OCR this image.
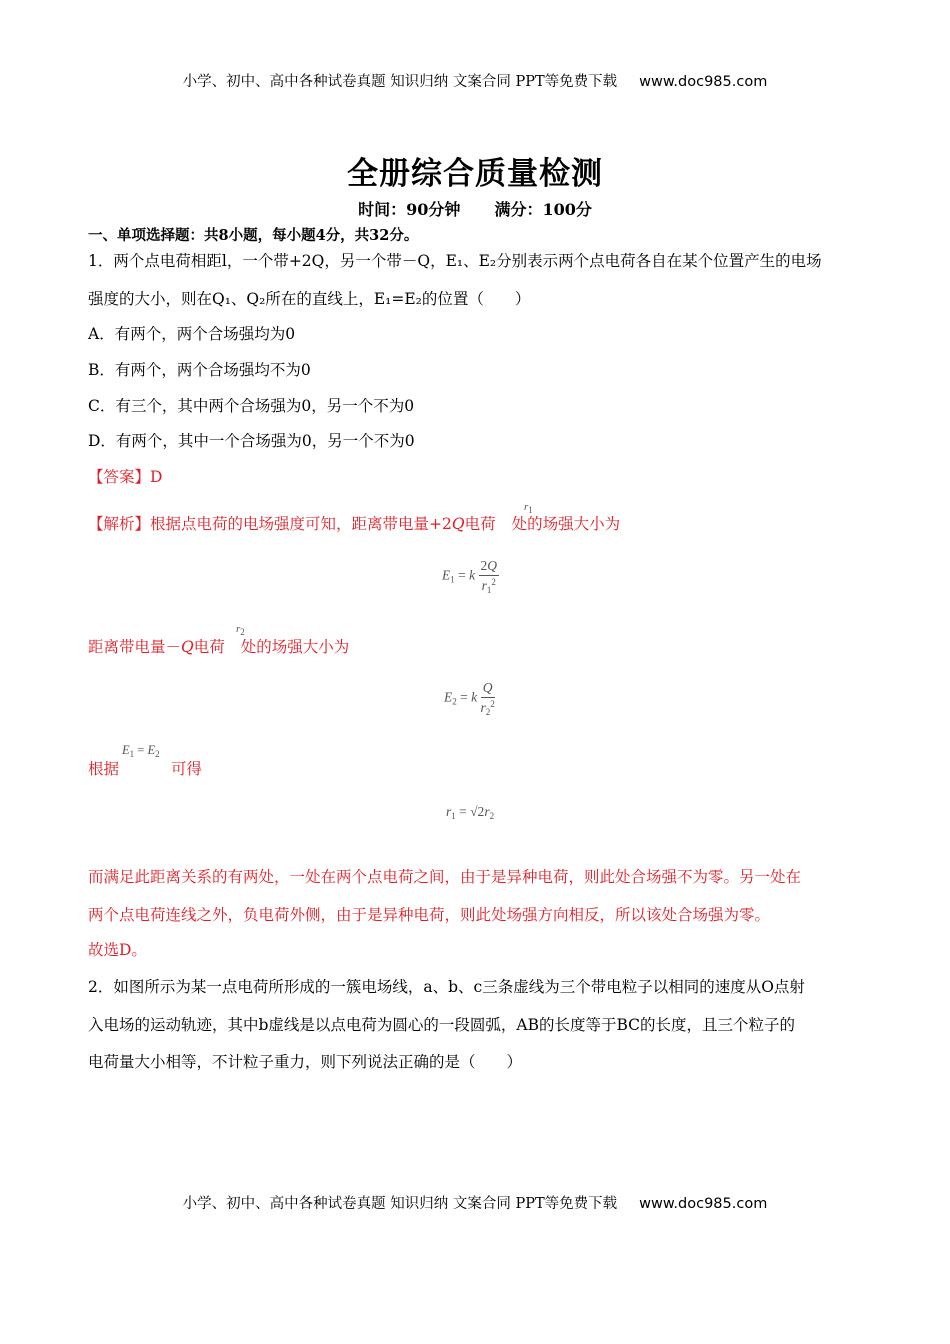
小学、初中、高中各种试卷真题 知识归纳 文案合同 PPT等免费下载 www.doc985.com
全册综合质量检测
时间：90分钟 满分：100分
一、单项选择题：共8小题，每小题4分，共32分。
1．两个点电荷相距l，一个带+2Q，另一个带－Q，E₁、E₂分别表示两个点电荷各自在某个位置产生的电场
强度的大小，则在Q₁、Q₂所在的直线上，E₁=E₂的位置（　　）
A．有两个，两个合场强均为0
B．有两个，两个合场强均不为0
C．有三个，其中两个合场强为0，另一个不为0
D．有两个，其中一个合场强为0，另一个不为0
【答案】D
【解析】根据点电荷的电场强度可知，距离带电量+2Q电荷 处的场强大小为
$r_1$
$E_1 = k \frac{2Q}{r_1^2}$
距离带电量－Q电荷 处的场强大小为
$r_2$
$E_2 = k \frac{Q}{r_2^2}$
根据	可得
$E_1 = E_2$
$r_1 = √2r_2$
而满足此距离关系的有两处，一处在两个点电荷之间，由于是异种电荷，则此处合场强不为零。另一处在
两个点电荷连线之外，负电荷外侧，由于是异种电荷，则此处场强方向相反，所以该处合场强为零。
故选D。
2．如图所示为某一点电荷所形成的一簇电场线，a、b、c三条虚线为三个带电粒子以相同的速度从O点射
入电场的运动轨迹，其中b虚线是以点电荷为圆心的一段圆弧，AB的长度等于BC的长度，且三个粒子的
电荷量大小相等，不计粒子重力，则下列说法正确的是（　　）
小学、初中、高中各种试卷真题 知识归纳 文案合同 PPT等免费下载 www.doc985.com
